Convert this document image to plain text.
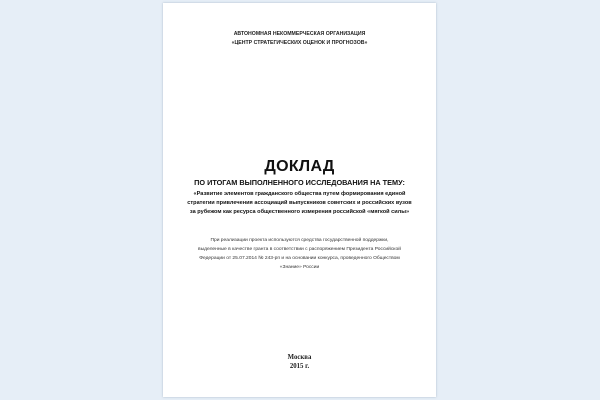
АВТОНОМНАЯ НЕКОММЕРЧЕСКАЯ ОРГАНИЗАЦИЯ
«ЦЕНТР СТРАТЕГИЧЕСКИХ ОЦЕНОК И ПРОГНОЗОВ»
ДОКЛАД
ПО ИТОГАМ ВЫПОЛНЕННОГО ИССЛЕДОВАНИЯ НА ТЕМУ:
«Развитие элементов гражданского общества путем формирования единой
стратегии привлечения ассоциаций выпускников советских и российских вузов
за рубежом как ресурса общественного измерения российской «мягкой силы»
При реализации проекта используются средства государственной поддержки,
выделенные в качестве гранта в соответствии с распоряжением Президента Российской
Федерации от 25.07.2014 № 243-рп и на основании конкурса, проведенного Обществом
«Знание» России
Москва
2015 г.
